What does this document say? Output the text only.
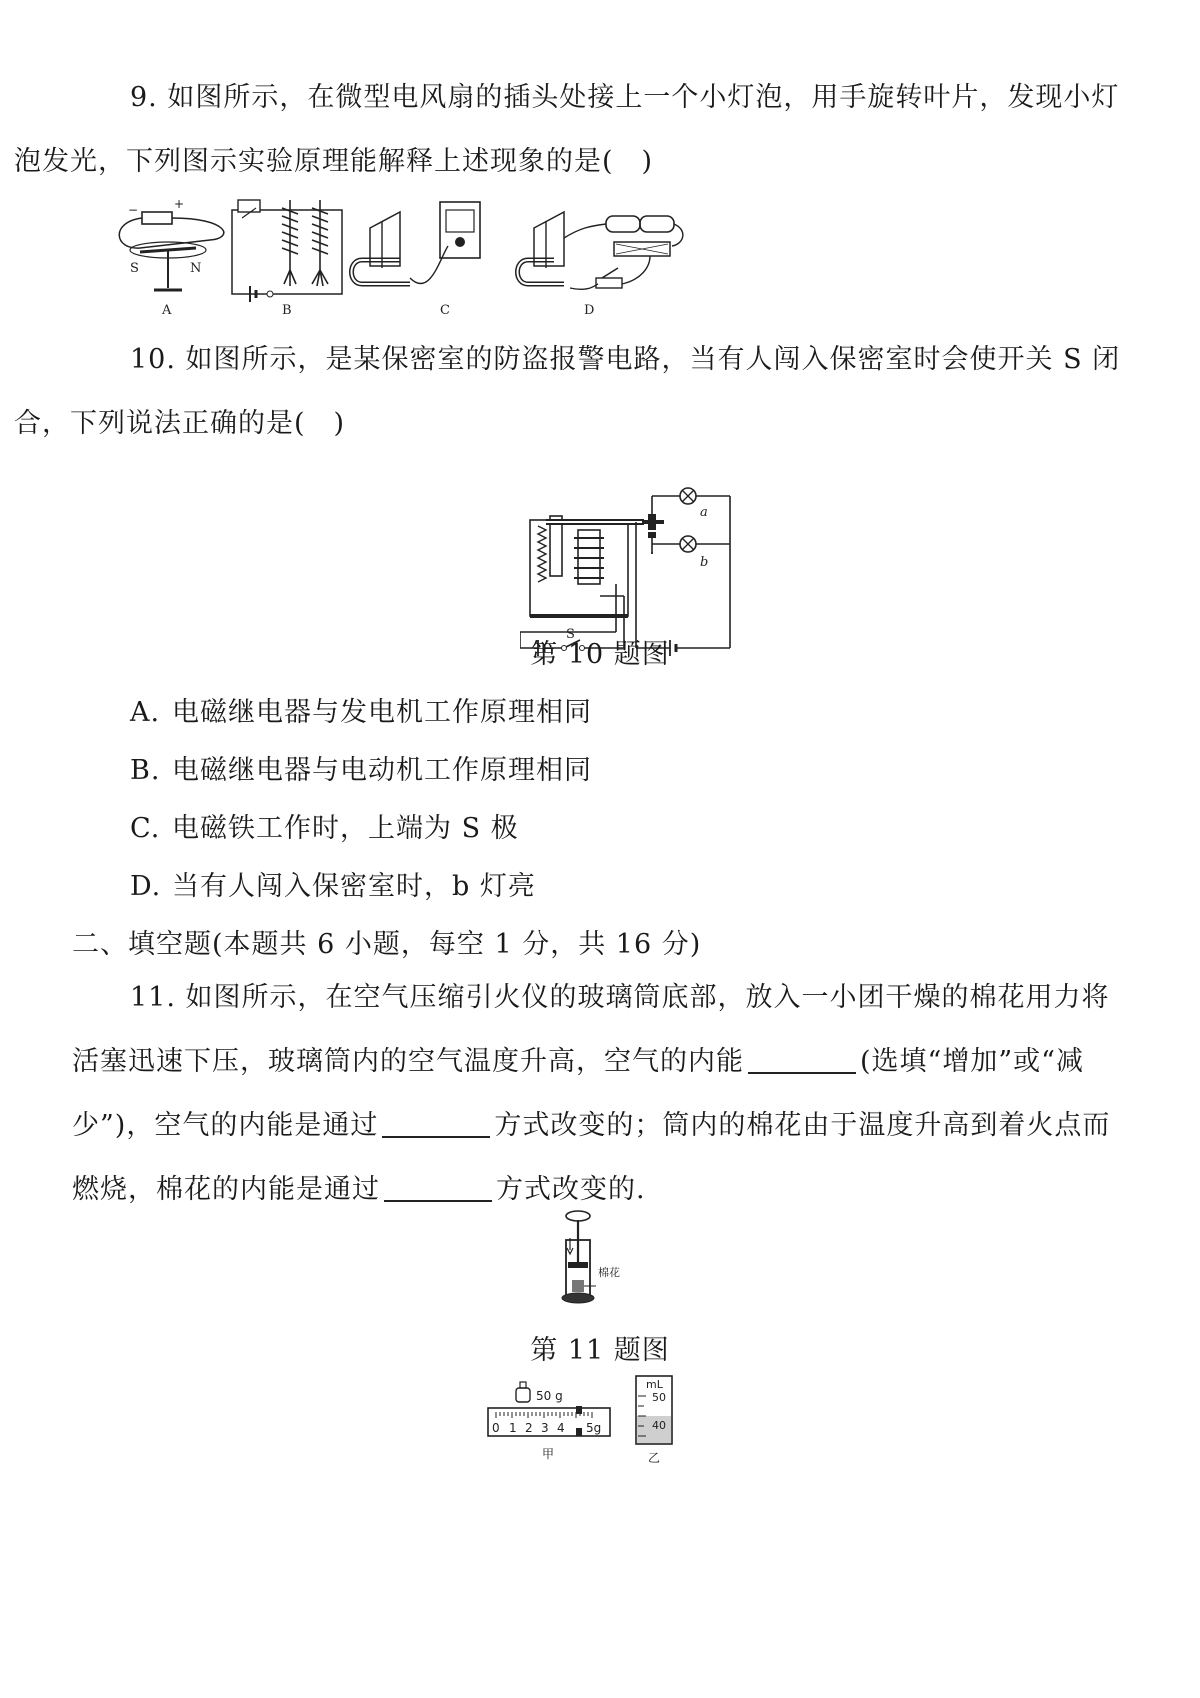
9. 如图所示，在微型电风扇的插头处接上一个小灯泡，用手旋转叶片，发现小灯
泡发光，下列图示实验原理能解释上述现象的是(　)

−	+
S	N
A	B	C	D

10. 如图所示，是某保密室的防盗报警电路，当有人闯入保密室时会使开关 S 闭
合，下列说法正确的是(　)

a
b
S
第 10 题图
A. 电磁继电器与发电机工作原理相同
B. 电磁继电器与电动机工作原理相同
C. 电磁铁工作时，上端为 S 极
D. 当有人闯入保密室时，b 灯亮
二、填空题(本题共 6 小题，每空 1 分，共 16 分)

11. 如图所示，在空气压缩引火仪的玻璃筒底部，放入一小团干燥的棉花用力将
活塞迅速下压，玻璃筒内的空气温度升高，空气的内能	(选填“增加”或“减
少”)，空气的内能是通过	方式改变的；筒内的棉花由于温度升高到着火点而
燃烧，棉花的内能是通过	方式改变的.

棉花
第 11 题图
50 g
0 1 2 3 4 5g
甲
mL
50
40
乙
